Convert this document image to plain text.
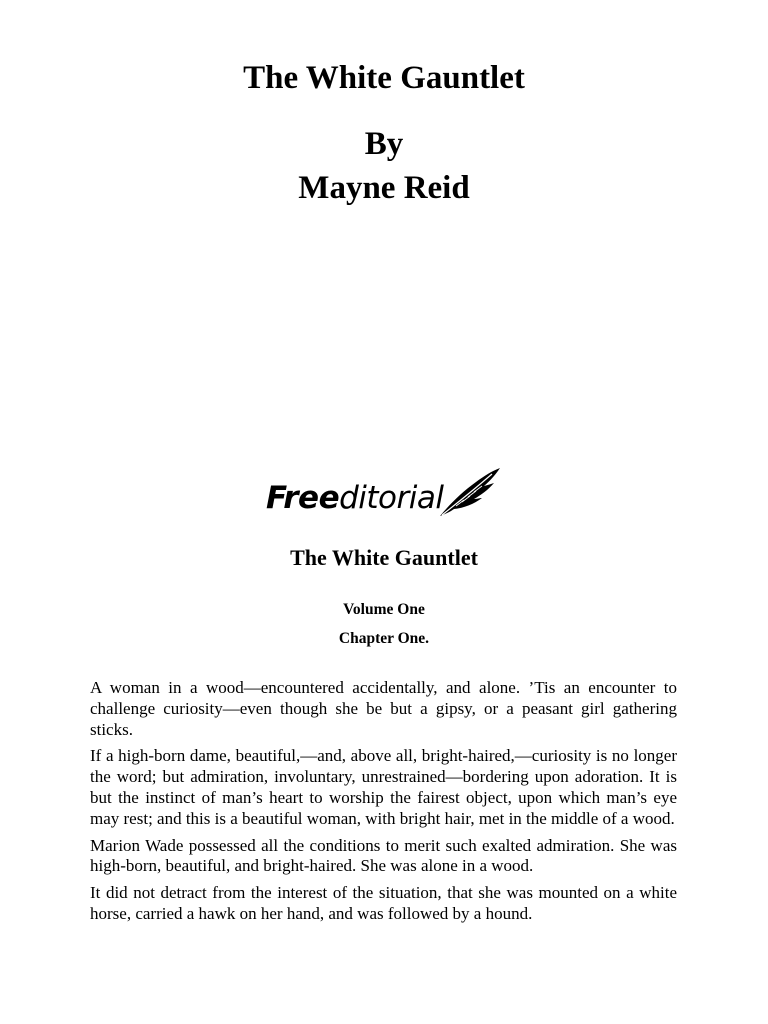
The White Gauntlet
By
Mayne Reid
Freeditorial
The White Gauntlet
Volume One
Chapter One.

A woman in a wood—encountered accidentally, and alone. ’Tis an encounter to challenge curiosity—even though she be but a gipsy, or a peasant girl gathering sticks.

If a high-born dame, beautiful,—and, above all, bright-haired,—curiosity is no longer the word; but admiration, involuntary, unrestrained—bordering upon adoration. It is but the instinct of man’s heart to worship the fairest object, upon which man’s eye may rest; and this is a beautiful woman, with bright hair, met in the middle of a wood.

Marion Wade possessed all the conditions to merit such exalted admiration. She was high-born, beautiful, and bright-haired. She was alone in a wood.

It did not detract from the interest of the situation, that she was mounted on a white horse, carried a hawk on her hand, and was followed by a hound.
